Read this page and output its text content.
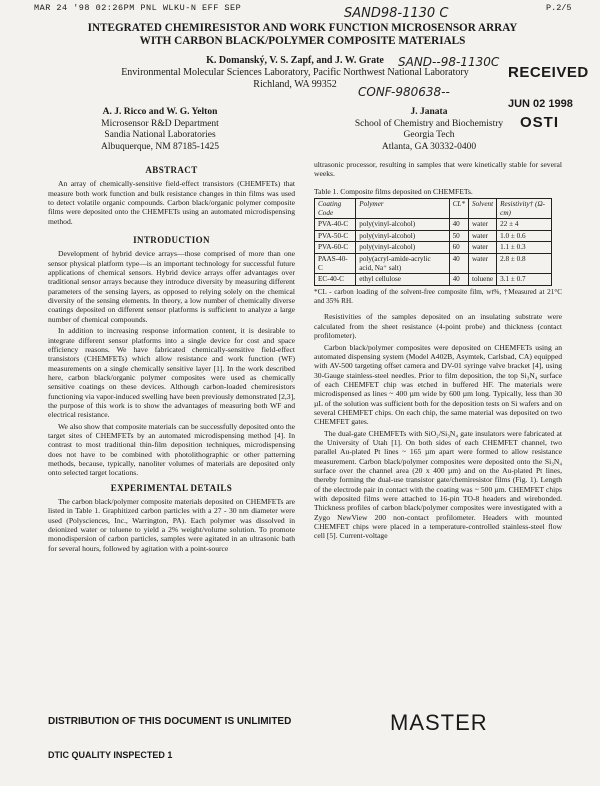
MAR 24 '98 02:26PM PNL WLKU-N EFF SEP	P.2/5
SAND98-1130 C
SAND--98-1130C
CONF-980638--
RECEIVED
JUN 02 1998
OSTI
INTEGRATED CHEMIRESISTOR AND WORK FUNCTION MICROSENSOR ARRAY
WITH CARBON BLACK/POLYMER COMPOSITE MATERIALS
K. Domanský, V. S. Zapf, and J. W. Grate
Environmental Molecular Sciences Laboratory, Pacific Northwest National Laboratory
Richland, WA 99352
A. J. Ricco and W. G. Yelton
Microsensor R&D Department
Sandia National Laboratories
Albuquerque, NM 87185-1425
J. Janata
School of Chemistry and Biochemistry
Georgia Tech
Atlanta, GA 30332-0400
ABSTRACT

An array of chemically-sensitive field-effect transistors (CHEMFETs) that measure both work function and bulk resistance changes in thin films was used to detect volatile organic compounds. Carbon black/organic polymer composite films were deposited onto the CHEMFETs using an automated microdispensing method.

INTRODUCTION

Development of hybrid device arrays—those comprised of more than one sensor physical platform type—is an important technology for successful future applications of chemical sensors. Hybrid device arrays offer advantages over traditional sensor arrays because they introduce diversity by measuring different parameters of the sensing layers, as opposed to relying solely on the chemical diversity of the sensing elements. In theory, a low number of chemically diverse coatings deposited on different sensor platforms is sufficient to analyze a large number of chemical compounds.

In addition to increasing response information content, it is desirable to integrate different sensor platforms into a single device for cost and space efficiency reasons. We have fabricated chemically-sensitive field-effect transistors (CHEMFETs) which allow resistance and work function (WF) measurements on a single chemically sensitive layer [1]. In the work described here, carbon black/organic polymer composites were used as chemically sensitive coatings on these devices. Although carbon-loaded chemiresistors functioning via vapor-induced swelling have been previously demonstrated [2,3], the purpose of this work is to show the advantages of measuring both WF and electrical resistance.

We also show that composite materials can be successfully deposited onto the target sites of CHEMFETs by an automated microdispensing method [4]. In contrast to most traditional thin-film deposition techniques, microdispensing does not have to be combined with photolithographic or other patterning methods, because, typically, nanoliter volumes of materials are deposited only onto selected target locations.

EXPERIMENTAL DETAILS

The carbon black/polymer composite materials deposited on CHEMFETs are listed in Table 1. Graphitized carbon particles with a 27 - 30 nm diameter were used (Polysciences, Inc., Warrington, PA). Each polymer was dissolved in deionized water or toluene to yield a 2% weight/volume solution. To promote monodispersion of carbon particles, samples were agitated in an ultrasonic bath for several hours, followed by agitation with a point-source

ultrasonic processor, resulting in samples that were kinetically stable for several weeks.

Table 1. Composite films deposited on CHEMFETs.
Coating Code	Polymer	CL*	Solvent	Resistivity† (Ω-cm)
PVA-40-C	poly(vinyl-alcohol)	40	water	22 ± 4
PVA-50-C	poly(vinyl-alcohol)	50	water	1.0 ± 0.6
PVA-60-C	poly(vinyl-alcohol)	60	water	1.1 ± 0.3
PAAS-40-C	poly(acryl-amide-acrylic acid, Na⁺ salt)	40	water	2.8 ± 0.8
EC-40-C	ethyl cellulose	40	toluene	3.1 ± 0.7
*CL - carbon loading of the solvent-free composite film, wt%, †Measured at 21°C and 35% RH.

Resistivities of the samples deposited on an insulating substrate were calculated from the sheet resistance (4-point probe) and thickness (contact profilometer).

Carbon black/polymer composites were deposited on CHEMFETs using an automated dispensing system (Model A402B, Asymtek, Carlsbad, CA) equipped with AV-500 targeting offset camera and DV-01 syringe valve bracket [4], using 30-Gauge stainless-steel needles. Prior to film deposition, the top Si₃N₄ surface of each CHEMFET chip was etched in buffered HF. The materials were microdispensed as lines ~ 400 µm wide by 600 µm long. Typically, less than 30 µL of the solution was sufficient both for the deposition tests on Si wafers and on several CHEMFET chips. On each chip, the same material was deposited on two CHEMFET gates.

The dual-gate CHEMFETs with SiO₂/Si₃N₄ gate insulators were fabricated at the University of Utah [1]. On both sides of each CHEMFET channel, two parallel Au-plated Pt lines ~ 165 µm apart were formed to allow resistance measurement. Carbon black/polymer composites were deposited onto the Si₃N₄ surface over the channel area (20 x 400 µm) and on the Au-plated Pt lines, thereby forming the dual-use transistor gate/chemiresistor films (Fig. 1). Length of the electrode pair in contact with the coating was ~ 500 µm. CHEMFET chips with deposited films were attached to 16-pin TO-8 headers and wirebonded. Thickness profiles of carbon black/polymer composites were investigated with a Zygo NewView 200 non-contact profilometer. Headers with mounted CHEMFET chips were placed in a temperature-controlled stainless-steel flow cell [5]. Current-voltage

DISTRIBUTION OF THIS DOCUMENT IS UNLIMITED	MASTER
DTIC QUALITY INSPECTED 1
